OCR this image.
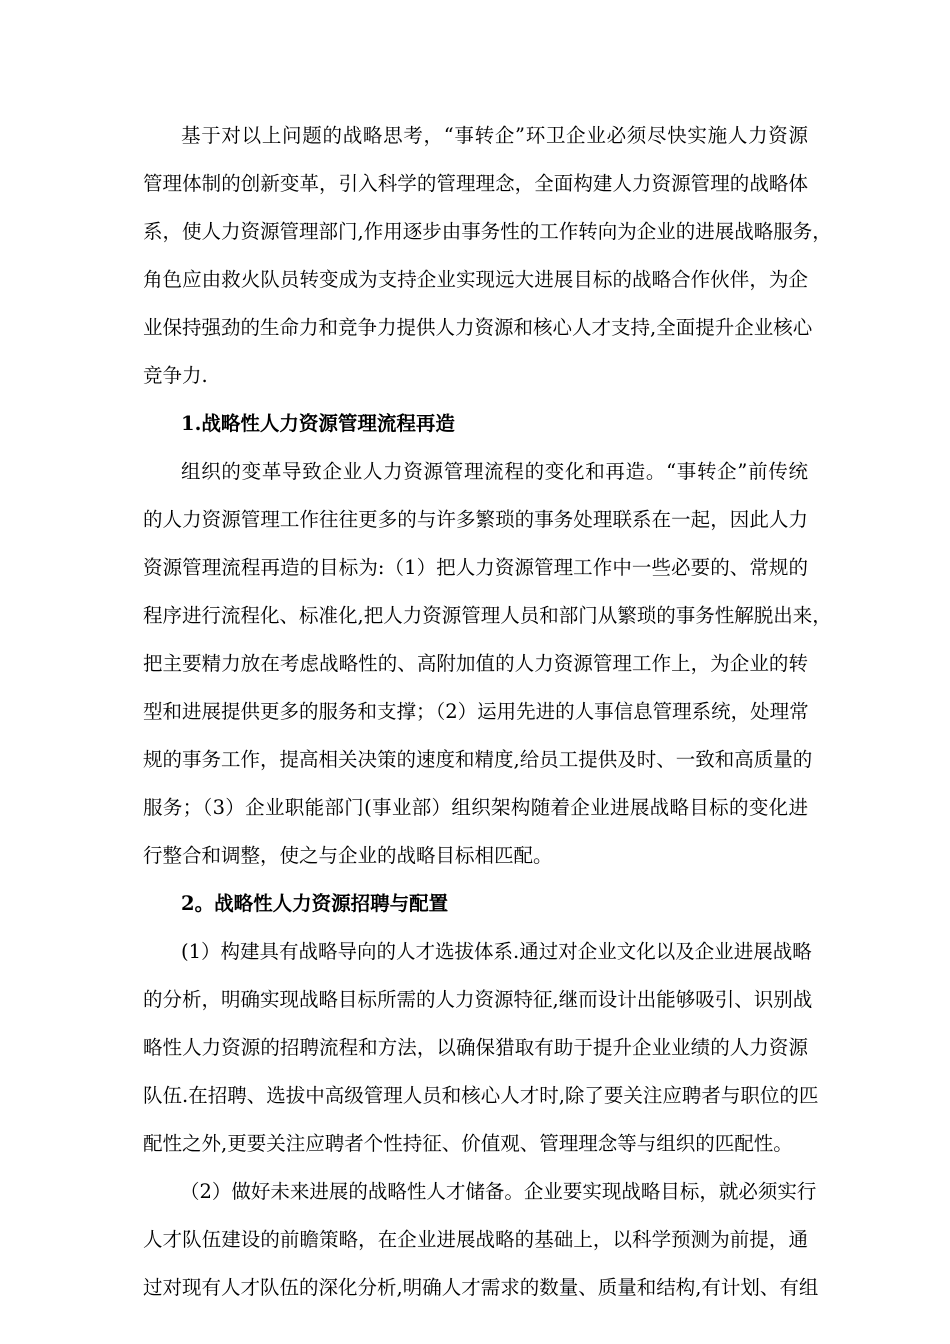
基于对以上问题的战略思考，“事转企”环卫企业必须尽快实施人力资源
管理体制的创新变革，引入科学的管理理念，全面构建人力资源管理的战略体
系，使人力资源管理部门,作用逐步由事务性的工作转向为企业的进展战略服务，
角色应由救火队员转变成为支持企业实现远大进展目标的战略合作伙伴，为企
业保持强劲的生命力和竞争力提供人力资源和核心人才支持,全面提升企业核心
竞争力.
1.战略性人力资源管理流程再造
组织的变革导致企业人力资源管理流程的变化和再造。“事转企”前传统
的人力资源管理工作往往更多的与许多繁琐的事务处理联系在一起，因此人力
资源管理流程再造的目标为:（1）把人力资源管理工作中一些必要的、常规的
程序进行流程化、标准化,把人力资源管理人员和部门从繁琐的事务性解脱出来，
把主要精力放在考虑战略性的、高附加值的人力资源管理工作上，为企业的转
型和进展提供更多的服务和支撑；（2）运用先进的人事信息管理系统，处理常
规的事务工作，提高相关决策的速度和精度,给员工提供及时、一致和高质量的
服务；（3）企业职能部门(事业部）组织架构随着企业进展战略目标的变化进
行整合和调整，使之与企业的战略目标相匹配。
2。战略性人力资源招聘与配置
(1）构建具有战略导向的人才选拔体系.通过对企业文化以及企业进展战略
的分析，明确实现战略目标所需的人力资源特征,继而设计出能够吸引、识别战
略性人力资源的招聘流程和方法，以确保猎取有助于提升企业业绩的人力资源
队伍.在招聘、选拔中高级管理人员和核心人才时,除了要关注应聘者与职位的匹
配性之外,更要关注应聘者个性持征、价值观、管理理念等与组织的匹配性。
（2）做好未来进展的战略性人才储备。企业要实现战略目标，就必须实行
人才队伍建设的前瞻策略，在企业进展战略的基础上，以科学预测为前提，通
过对现有人才队伍的深化分析,明确人才需求的数量、质量和结构,有计划、有组
